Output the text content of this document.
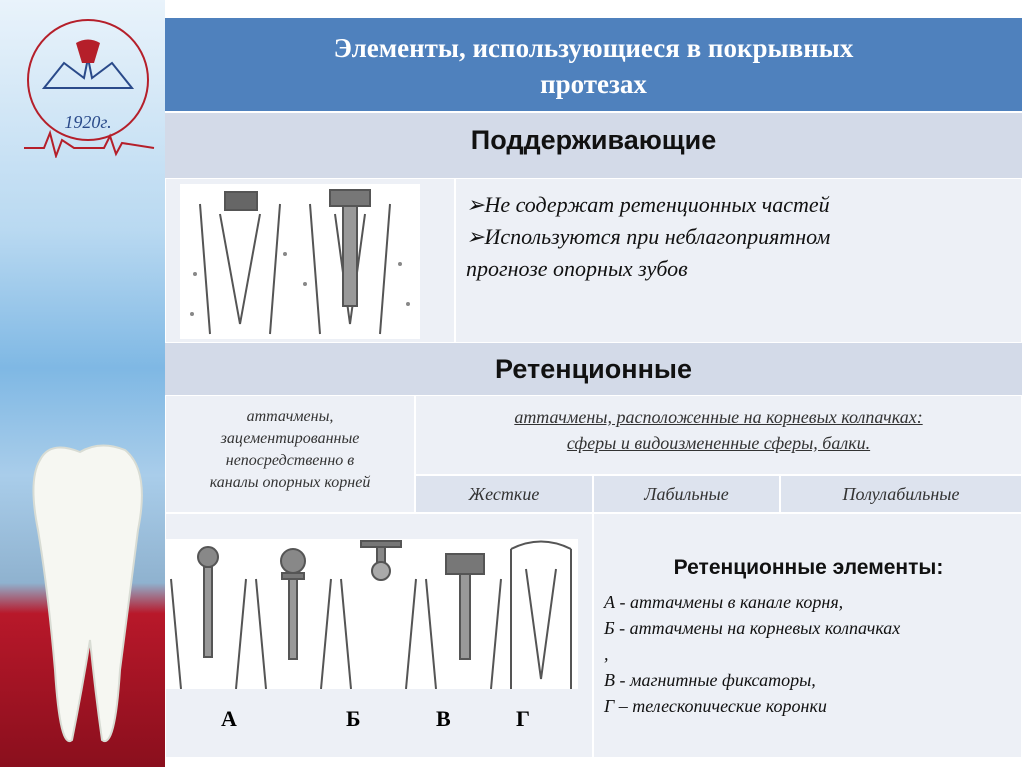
1920г.
Элементы, использующиеся в покрывных
протезах
Поддерживающие
➢Не содержат ретенционных частей
➢Используются при неблагоприятном
прогнозе опорных зубов
Ретенционные
аттачмены,
зацементированные
непосредственно в
каналы опорных корней
аттачмены, расположенные на корневых колпачках:
сферы и видоизмененные сферы, балки.
Жесткие	Лабильные	Полулабильные
А	Б	В	Г
Ретенционные элементы:
А - аттачмены в канале корня,
Б - аттачмены на корневых колпачках
,
В - магнитные фиксаторы,
Г – телескопические коронки
